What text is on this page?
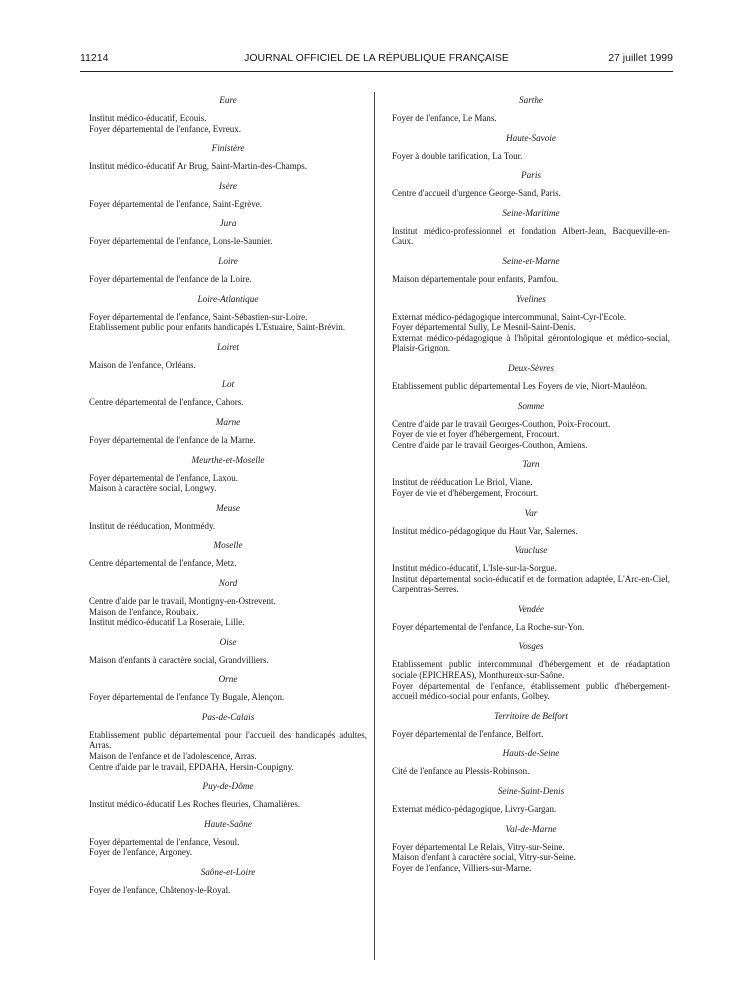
11214	JOURNAL OFFICIEL DE LA RÉPUBLIQUE FRANÇAISE	27 juillet 1999
Eure
Institut médico-éducatif, Ecouis.
Foyer départemental de l'enfance, Evreux.
Finistère
Institut médico-éducatif Ar Brug, Saint-Martin-des-Champs.
Isère
Foyer départemental de l'enfance, Saint-Egrève.
Jura
Foyer départemental de l'enfance, Lons-le-Saunier.
Loire
Foyer départemental de l'enfance de la Loire.
Loire-Atlantique
Foyer départemental de l'enfance, Saint-Sébastien-sur-Loire.
Etablissement public pour enfants handicapés L'Estuaire, Saint-Brévin.
Loiret
Maison de l'enfance, Orléans.
Lot
Centre départemental de l'enfance, Cahors.
Marne
Foyer départemental de l'enfance de la Marne.
Meurthe-et-Moselle
Foyer départemental de l'enfance, Laxou.
Maison à caractère social, Longwy.
Meuse
Institut de rééducation, Montmédy.
Moselle
Centre départemental de l'enfance, Metz.
Nord
Centre d'aide par le travail, Montigny-en-Ostrevent.
Maison de l'enfance, Roubaix.
Institut médico-éducatif La Roseraie, Lille.
Oise
Maison d'enfants à caractère social, Grandvilliers.
Orne
Foyer départemental de l'enfance Ty Bugale, Alençon.
Pas-de-Calais
Etablissement public départemental pour l'accueil des handicapés adultes, Arras.
Maison de l'enfance et de l'adolescence, Arras.
Centre d'aide par le travail, EPDAHA, Hersin-Coupigny.
Puy-de-Dôme
Institut médico-éducatif Les Roches fleuries, Chamalières.
Haute-Saône
Foyer départemental de l'enfance, Vesoul.
Foyer de l'enfance, Argoney.
Saône-et-Loire
Foyer de l'enfance, Châtenoy-le-Royal.
Sarthe
Foyer de l'enfance, Le Mans.
Haute-Savoie
Foyer à double tarification, La Tour.
Paris
Centre d'accueil d'urgence George-Sand, Paris.
Seine-Maritime
Institut médico-professionnel et fondation Albert-Jean, Bacqueville-en-Caux.
Seine-et-Marne
Maison départementale pour enfants, Pamfou.
Yvelines
Externat médico-pédagogique intercommunal, Saint-Cyr-l'Ecole.
Foyer départemental Sully, Le Mesnil-Saint-Denis.
Externat médico-pédagogique à l'hôpital gérontologique et médico-social, Plaisir-Grignon.
Deux-Sèvres
Etablissement public départemental Les Foyers de vie, Niort-Mauléon.
Somme
Centre d'aide par le travail Georges-Couthon, Poix-Frocourt.
Foyer de vie et foyer d'hébergement, Frocourt.
Centre d'aide par le travail Georges-Couthon, Amiens.
Tarn
Institut de rééducation Le Briol, Viane.
Foyer de vie et d'hébergement, Frocourt.
Var
Institut médico-pédagogique du Haut Var, Salernes.
Vaucluse
Institut médico-éducatif, L'Isle-sur-la-Sorgue.
Institut départemental socio-éducatif et de formation adaptée, L'Arc-en-Ciel, Carpentras-Serres.
Vendée
Foyer départemental de l'enfance, La Roche-sur-Yon.
Vosges
Etablissement public intercommunal d'hébergement et de réadaptation sociale (EPICHREAS), Monthureux-sur-Saône.
Foyer départemental de l'enfance, établissement public d'hébergement-accueil médico-social pour enfants, Golbey.
Territoire de Belfort
Foyer départemental de l'enfance, Belfort.
Hauts-de-Seine
Cité de l'enfance au Plessis-Robinson.
Seine-Saint-Denis
Externat médico-pédagogique, Livry-Gargan.
Val-de-Marne
Foyer départemental Le Relais, Vitry-sur-Seine.
Maison d'enfant à caractère social, Vitry-sur-Seine.
Foyer de l'enfance, Villiers-sur-Marne.
